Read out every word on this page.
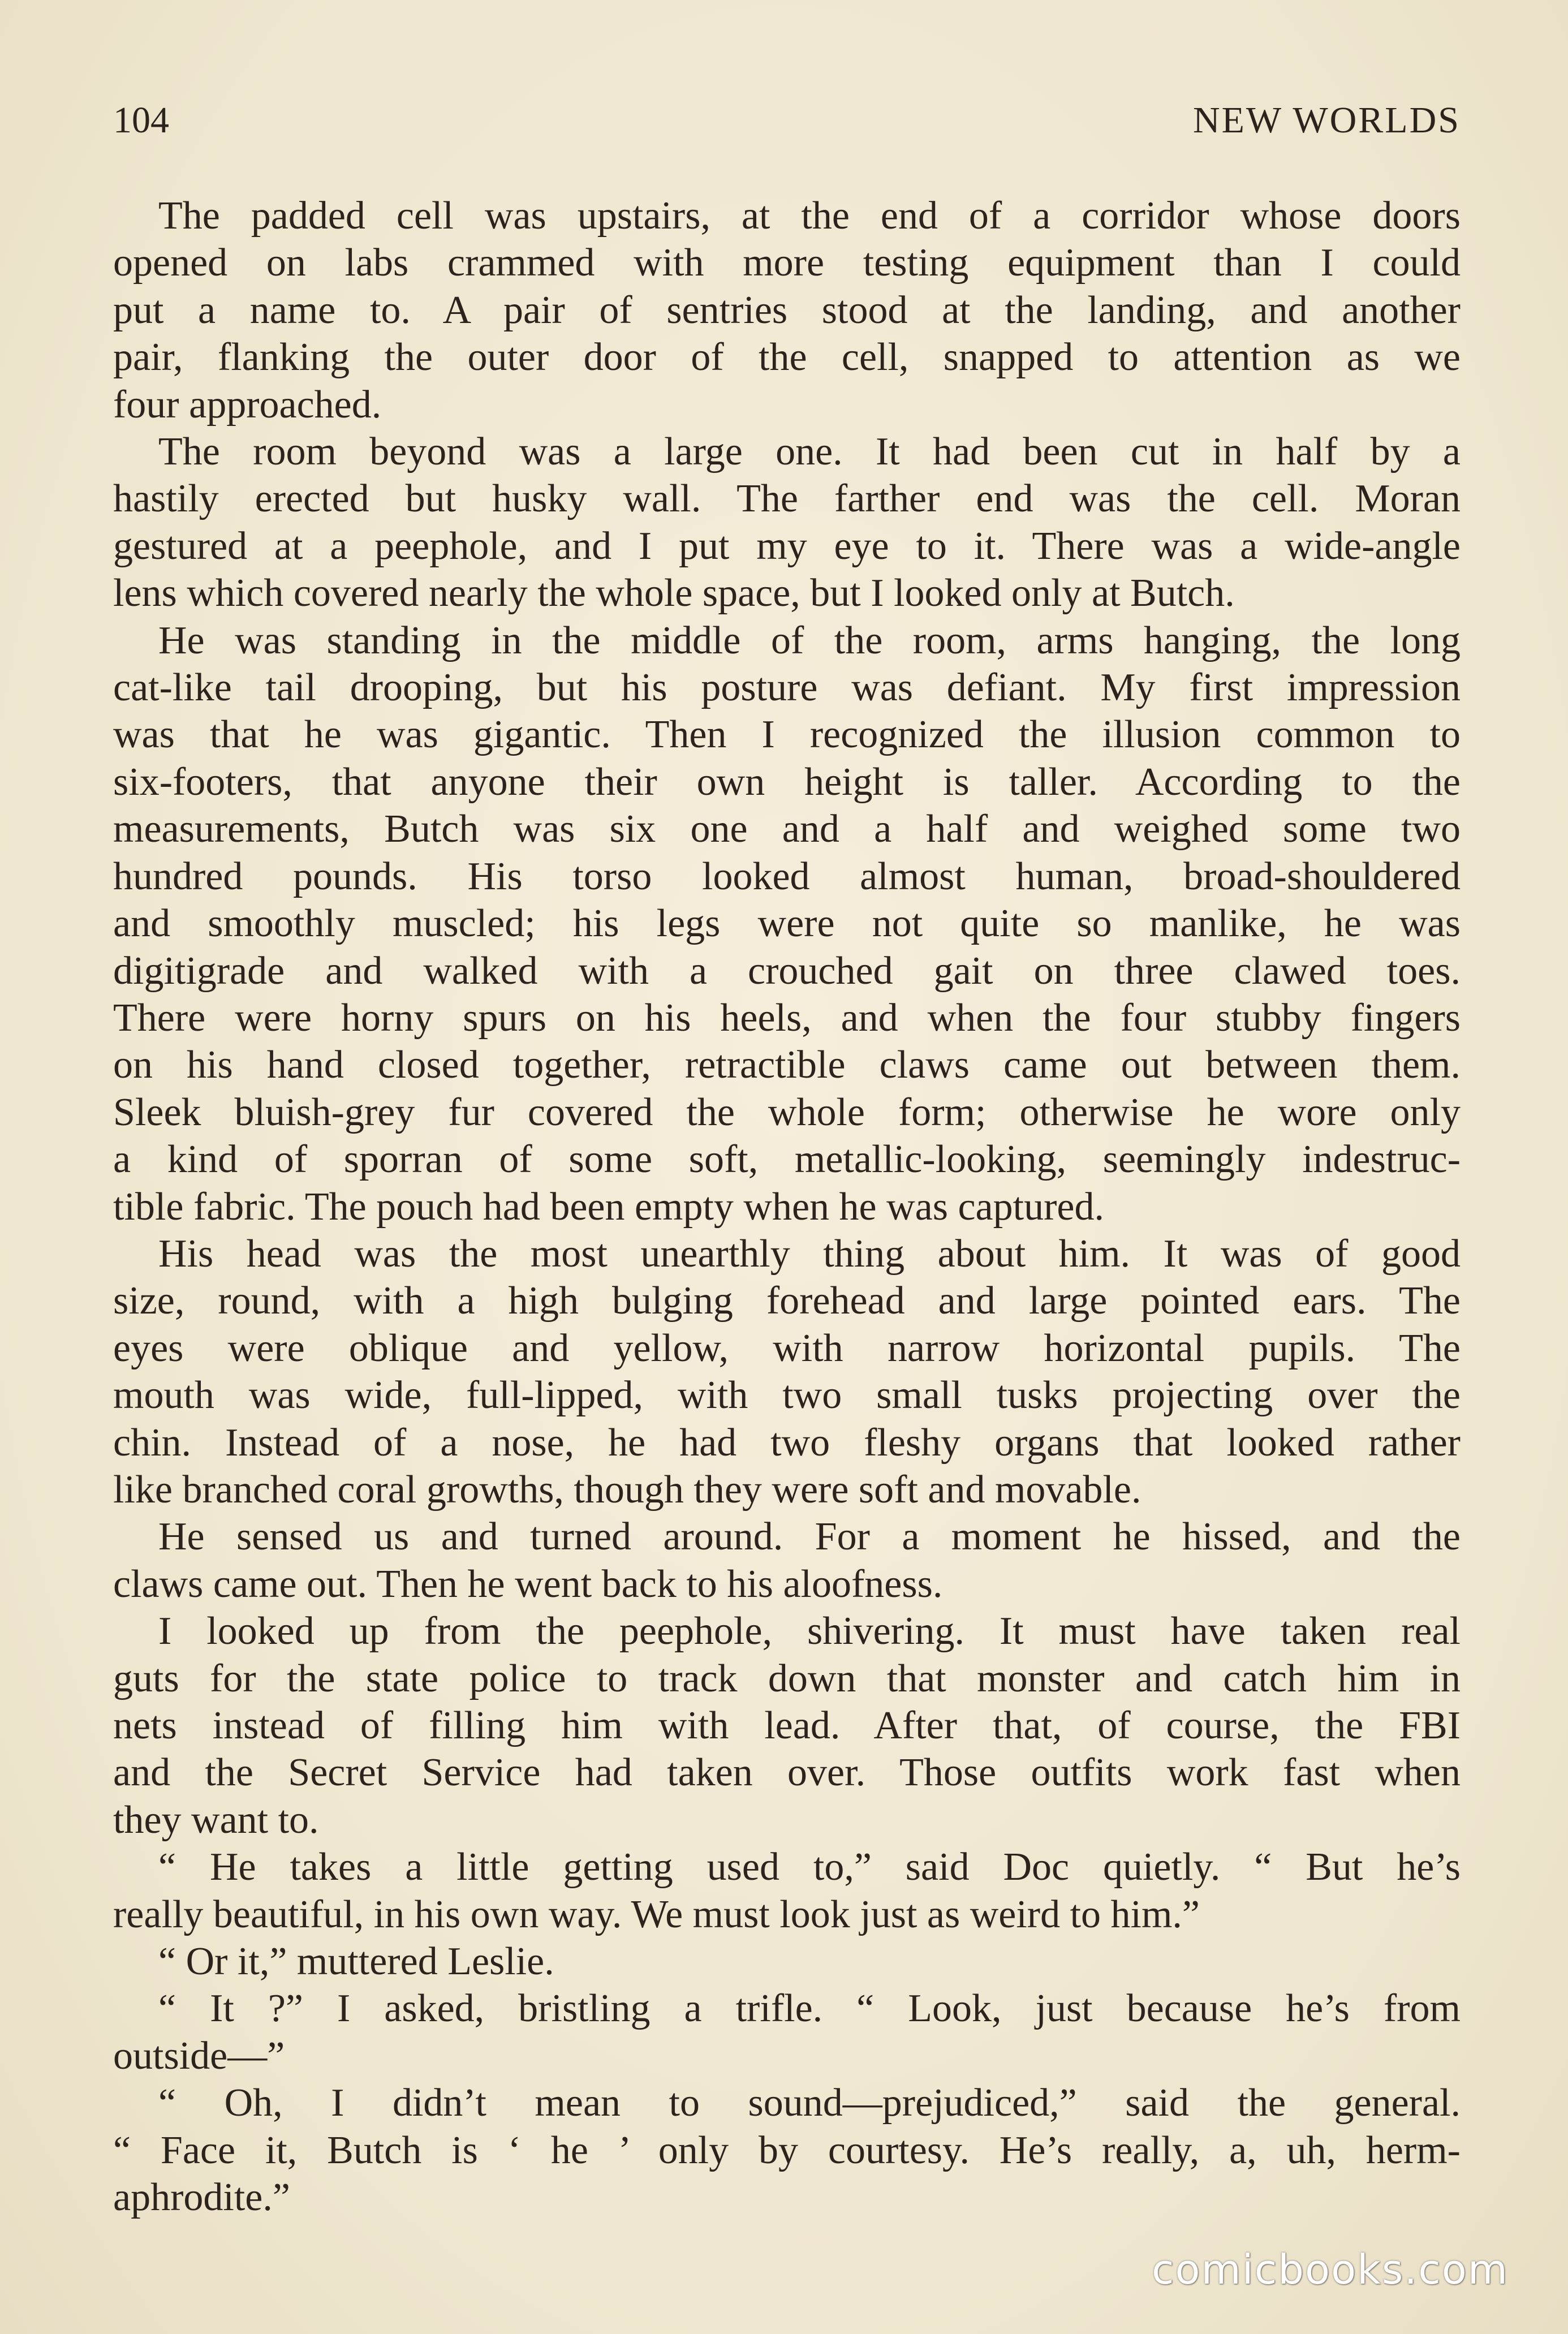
104	NEW WORLDS
The padded cell was upstairs, at the end of a corridor whose doors
opened on labs crammed with more testing equipment than I could
put a name to. A pair of sentries stood at the landing, and another
pair, flanking the outer door of the cell, snapped to attention as we
four approached.
The room beyond was a large one. It had been cut in half by a
hastily erected but husky wall. The farther end was the cell. Moran
gestured at a peephole, and I put my eye to it. There was a wide-angle
lens which covered nearly the whole space, but I looked only at Butch.
He was standing in the middle of the room, arms hanging, the long
cat-like tail drooping, but his posture was defiant. My first impression
was that he was gigantic. Then I recognized the illusion common to
six-footers, that anyone their own height is taller. According to the
measurements, Butch was six one and a half and weighed some two
hundred pounds. His torso looked almost human, broad-shouldered
and smoothly muscled; his legs were not quite so manlike, he was
digitigrade and walked with a crouched gait on three clawed toes.
There were horny spurs on his heels, and when the four stubby fingers
on his hand closed together, retractible claws came out between them.
Sleek bluish-grey fur covered the whole form; otherwise he wore only
a kind of sporran of some soft, metallic-looking, seemingly indestruc-
tible fabric. The pouch had been empty when he was captured.
His head was the most unearthly thing about him. It was of good
size, round, with a high bulging forehead and large pointed ears. The
eyes were oblique and yellow, with narrow horizontal pupils. The
mouth was wide, full-lipped, with two small tusks projecting over the
chin. Instead of a nose, he had two fleshy organs that looked rather
like branched coral growths, though they were soft and movable.
He sensed us and turned around. For a moment he hissed, and the
claws came out. Then he went back to his aloofness.
I looked up from the peephole, shivering. It must have taken real
guts for the state police to track down that monster and catch him in
nets instead of filling him with lead. After that, of course, the FBI
and the Secret Service had taken over. Those outfits work fast when
they want to.
“ He takes a little getting used to,” said Doc quietly. “ But he’s
really beautiful, in his own way. We must look just as weird to him.”
“ Or it,” muttered Leslie.
“ It ?” I asked, bristling a trifle. “ Look, just because he’s from
outside—”
“ Oh, I didn’t mean to sound—prejudiced,” said the general.
“ Face it, Butch is ‘ he ’ only by courtesy. He’s really, a, uh, herm-
aphrodite.”
comicbooks.com
